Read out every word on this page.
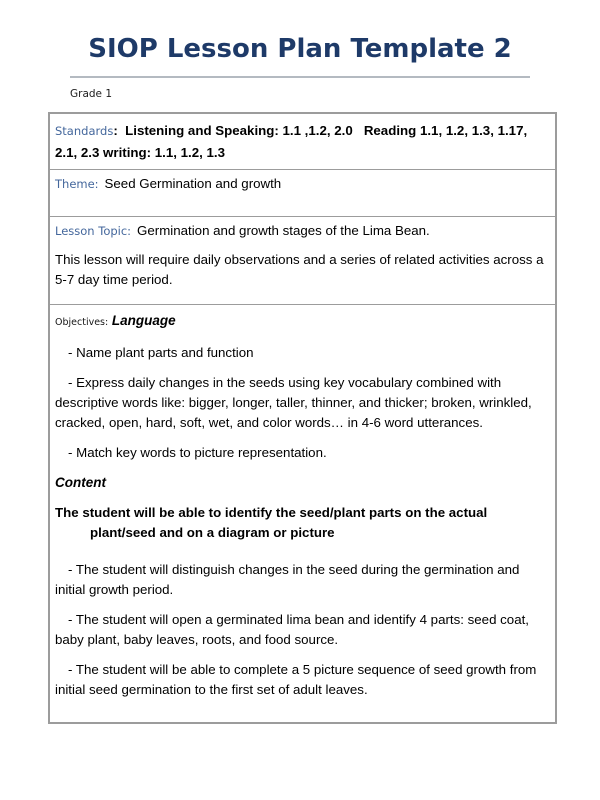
SIOP Lesson Plan Template 2
Grade 1

Standards:  Listening and Speaking: 1.1 ,1.2, 2.0   Reading 1.1, 1.2, 1.3, 1.17, 2.1, 2.3 writing: 1.1, 1.2, 1.3

Theme: Seed Germination and growth

Lesson Topic: Germination and growth stages of the Lima Bean.

This lesson will require daily observations and a series of related activities across a 5-7 day time period.

Objectives: Language

- Name plant parts and function

- Express daily changes in the seeds using key vocabulary combined with descriptive words like: bigger, longer, taller, thinner, and thicker; broken, wrinkled, cracked, open, hard, soft, wet, and color words… in 4-6 word utterances.

- Match key words to picture representation.

Content

The student will be able to identify the seed/plant parts on the actual plant/seed and on a diagram or picture

- The student will distinguish changes in the seed during the germination and initial growth period.

- The student will open a germinated lima bean and identify 4 parts: seed coat, baby plant, baby leaves, roots, and food source.

- The student will be able to complete a 5 picture sequence of seed growth from initial seed germination to the first set of adult leaves.
